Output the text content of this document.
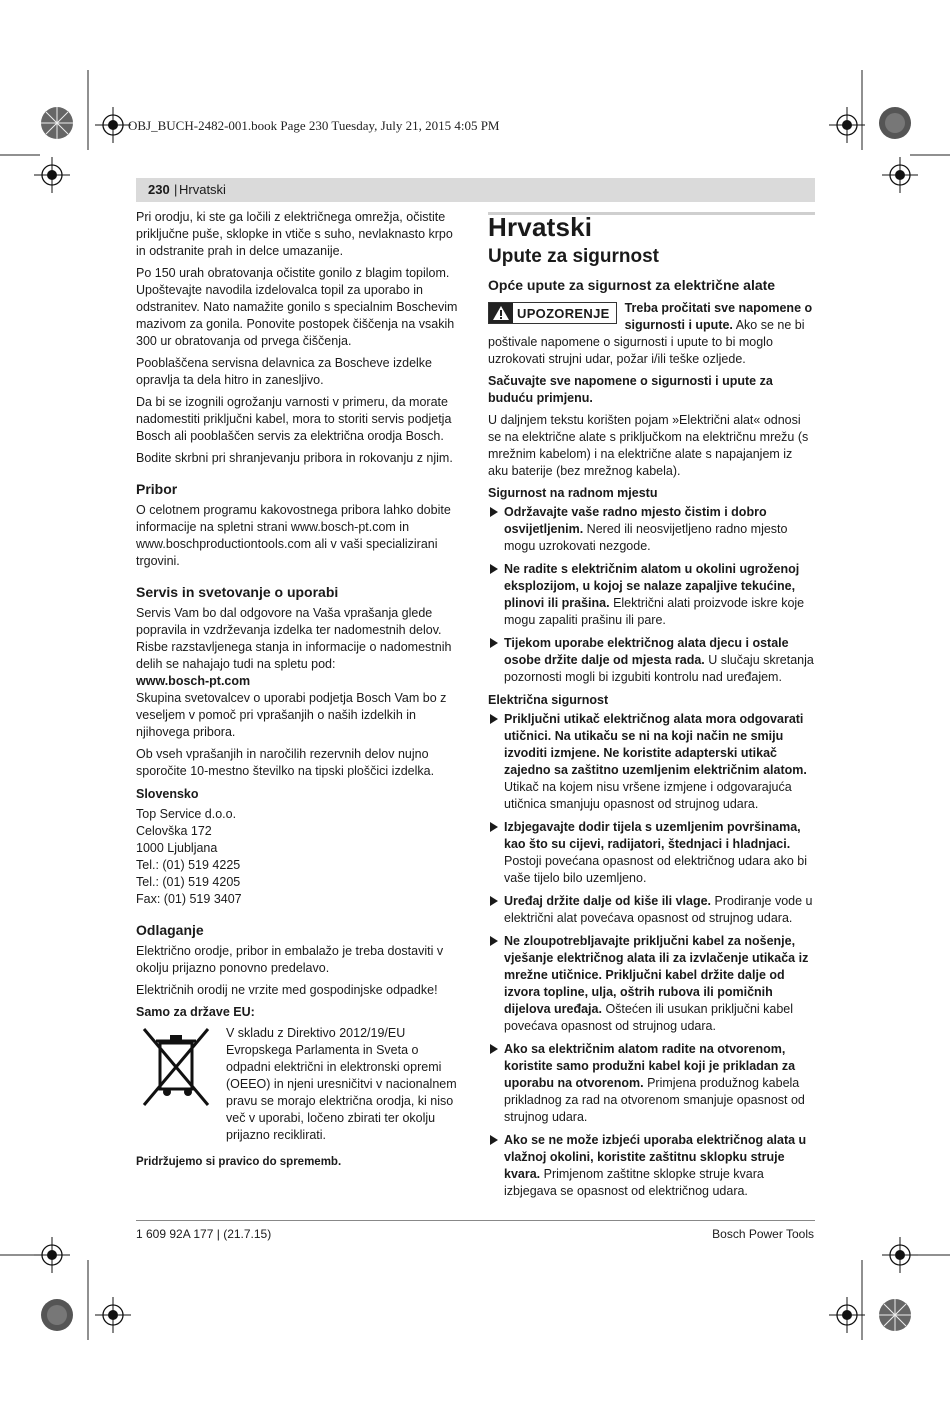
OBJ_BUCH-2482-001.book Page 230 Tuesday, July 21, 2015 4:05 PM
230 | Hrvatski

Pri orodju, ki ste ga ločili z električnega omrežja, očistite priključne puše, sklopke in vtiče s suho, nevlaknasto krpo in odstranite prah in delce umazanije.

Po 150 urah obratovanja očistite gonilo z blagim topilom. Upoštevajte navodila izdelovalca topil za uporabo in odstranitev. Nato namažite gonilo s specialnim Boschevim mazivom za gonila. Ponovite postopek čiščenja na vsakih 300 ur obratovanja od prvega čiščenja.

Pooblaščena servisna delavnica za Boscheve izdelke opravlja ta dela hitro in zanesljivo.

Da bi se izognili ogrožanju varnosti v primeru, da morate nadomestiti priključni kabel, mora to storiti servis podjetja Bosch ali pooblaščen servis za električna orodja Bosch.

Bodite skrbni pri shranjevanju pribora in rokovanju z njim.

Pribor

O celotnem programu kakovostnega pribora lahko dobite informacije na spletni strani www.bosch-pt.com in www.boschproductiontools.com ali v vaši specializirani trgovini.

Servis in svetovanje o uporabi

Servis Vam bo dal odgovore na Vaša vprašanja glede popravila in vzdrževanja izdelka ter nadomestnih delov. Risbe razstavljenega stanja in informacije o nadomestnih delih se nahajajo tudi na spletu pod:

www.bosch-pt.com

Skupina svetovalcev o uporabi podjetja Bosch Vam bo z veseljem v pomoč pri vprašanjih o naših izdelkih in njihovega pribora.

Ob vseh vprašanjih in naročilih rezervnih delov nujno sporočite 10-mestno številko na tipski ploščici izdelka.

Slovensko
Top Service d.o.o.
Celovška 172
1000 Ljubljana
Tel.: (01) 519 4225
Tel.: (01) 519 4205
Fax: (01) 519 3407
Odlaganje

Električno orodje, pribor in embalažo je treba dostaviti v okolju prijazno ponovno predelavo.

Električnih orodij ne vrzite med gospodinjske odpadke!

Samo za države EU:
V skladu z Direktivo 2012/19/EU Evropskega Parlamenta in Sveta o odpadni električni in elektronski opremi (OEEO) in njeni uresničitvi v nacionalnem pravu se morajo električna orodja, ki niso več v uporabi, ločeno zbirati ter okolju prijazno reciklirati.
Pridržujemo si pravico do sprememb.
Hrvatski
Upute za sigurnost
Opće upute za sigurnost za električne alate
UPOZORENJE Treba pročitati sve napomene o sigurnosti i upute. Ako se ne bi poštivale napomene o sigurnosti i upute to bi moglo uzrokovati strujni udar, požar i/ili teške ozljede.

Sačuvajte sve napomene o sigurnosti i upute za buduću primjenu.

U daljnjem tekstu korišten pojam »Električni alat« odnosi se na električne alate s priključkom na električnu mrežu (s mrežnim kabelom) i na električne alate s napajanjem iz aku baterije (bez mrežnog kabela).

Sigurnost na radnom mjestu
Održavajte vaše radno mjesto čistim i dobro osvijetljenim. Nered ili neosvijetljeno radno mjesto mogu uzrokovati nezgode.
Ne radite s električnim alatom u okolini ugroženoj eksplozijom, u kojoj se nalaze zapaljive tekućine, plinovi ili prašina. Električni alati proizvode iskre koje mogu zapaliti prašinu ili pare.
Tijekom uporabe električnog alata djecu i ostale osobe držite dalje od mjesta rada. U slučaju skretanja pozornosti mogli bi izgubiti kontrolu nad uređajem.
Električna sigurnost
Priključni utikač električnog alata mora odgovarati utičnici. Na utikaču se ni na koji način ne smiju izvoditi izmjene. Ne koristite adapterski utikač zajedno sa zaštitno uzemljenim električnim alatom. Utikač na kojem nisu vršene izmjene i odgovarajuća utičnica smanjuju opasnost od strujnog udara.
Izbjegavajte dodir tijela s uzemljenim površinama, kao što su cijevi, radijatori, štednjaci i hladnjaci. Postoji povećana opasnost od električnog udara ako bi vaše tijelo bilo uzemljeno.
Uređaj držite dalje od kiše ili vlage. Prodiranje vode u električni alat povećava opasnost od strujnog udara.
Ne zloupotrebljavajte priključni kabel za nošenje, vješanje električnog alata ili za izvlačenje utikača iz mrežne utičnice. Priključni kabel držite dalje od izvora topline, ulja, oštrih rubova ili pomičnih dijelova uređaja. Oštećen ili usukan priključni kabel povećava opasnost od strujnog udara.
Ako sa električnim alatom radite na otvorenom, koristite samo produžni kabel koji je prikladan za uporabu na otvorenom. Primjena produžnog kabela prikladnog za rad na otvorenom smanjuje opasnost od strujnog udara.
Ako se ne može izbjeći uporaba električnog alata u vlažnoj okolini, koristite zaštitnu sklopku struje kvara. Primjenom zaštitne sklopke struje kvara izbjegava se opasnost od električnog udara.
1 609 92A 177 | (21.7.15)	Bosch Power Tools
